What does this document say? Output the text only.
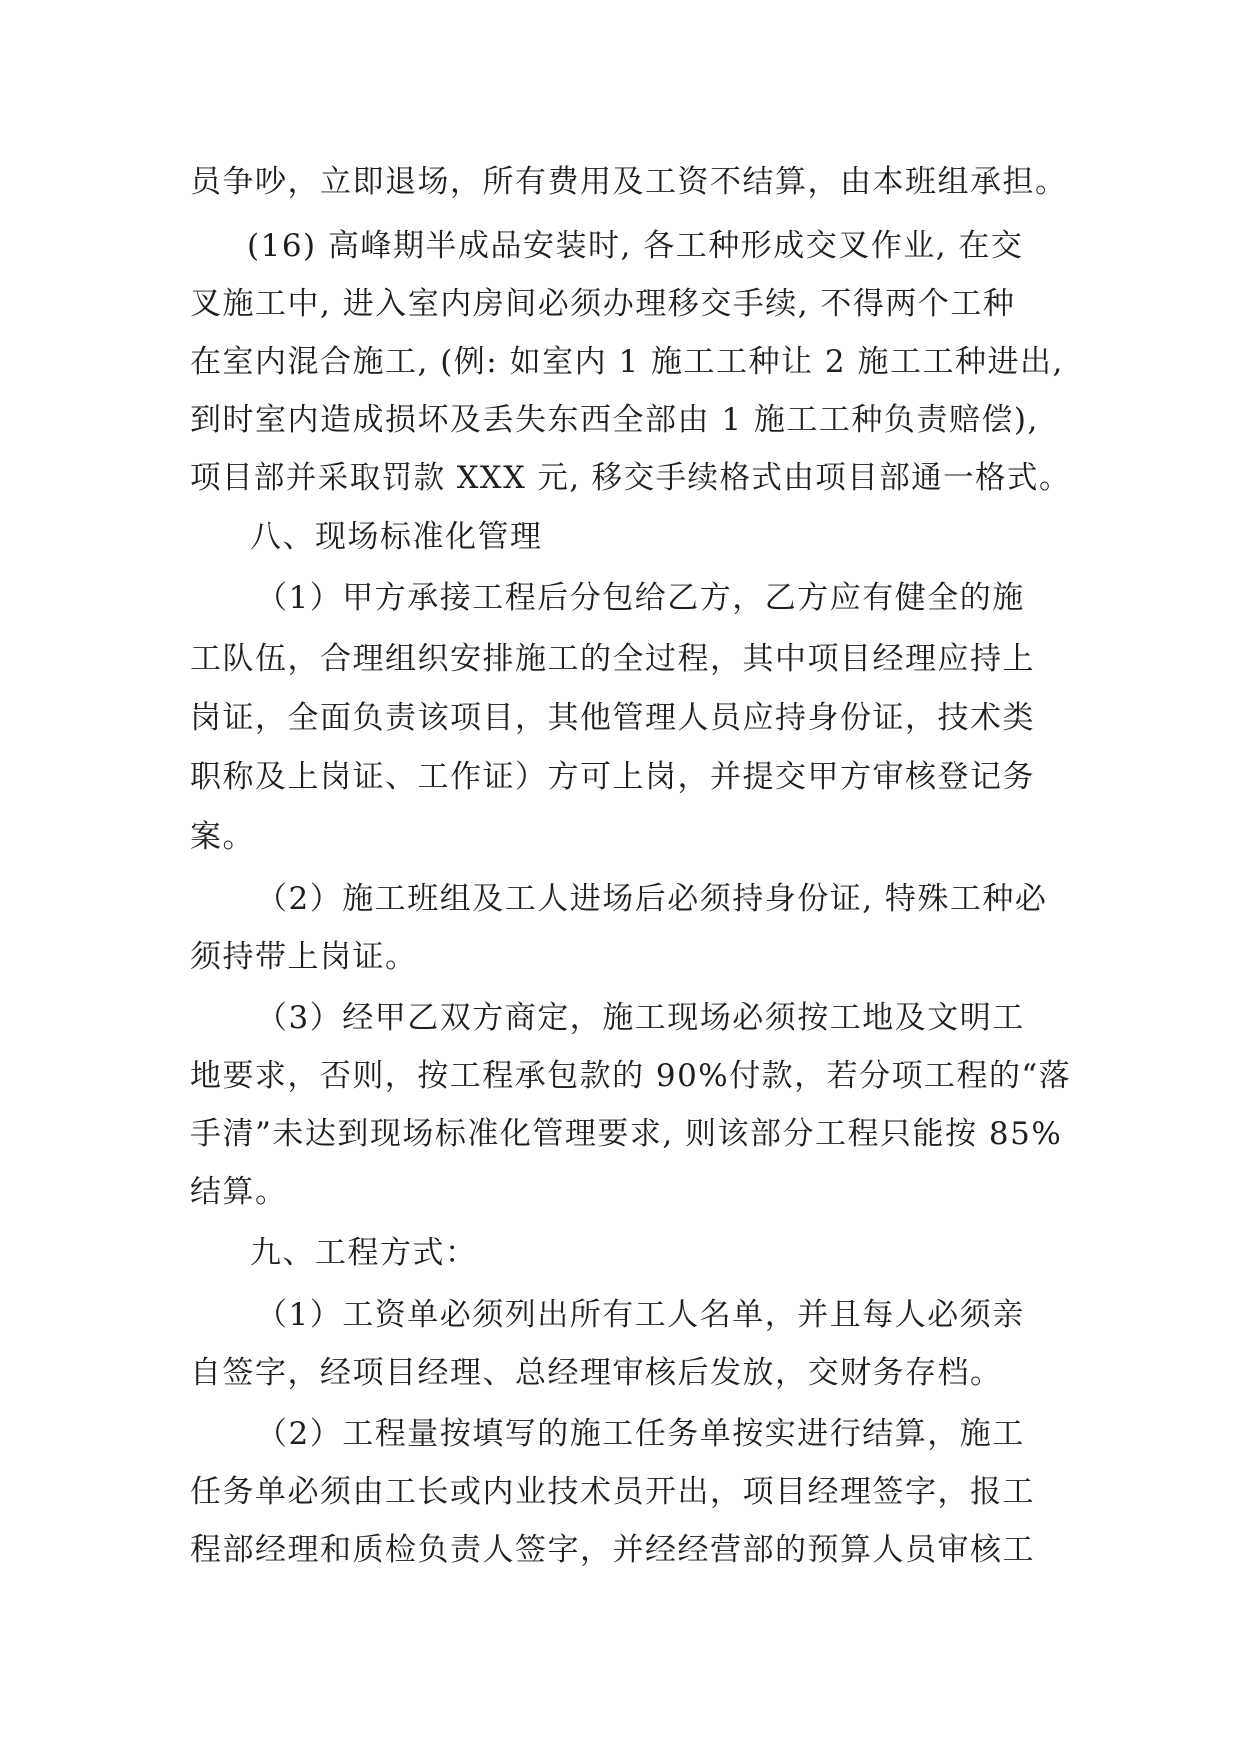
员争吵，立即退场，所有费用及工资不结算，由本班组承担。
(16) 高峰期半成品安装时, 各工种形成交叉作业, 在交
叉施工中, 进入室内房间必须办理移交手续, 不得两个工种
在室内混合施工, (例: 如室内 1 施工工种让 2 施工工种进出,
到时室内造成损坏及丢失东西全部由 1 施工工种负责赔偿),
项目部并采取罚款 XXX 元, 移交手续格式由项目部通一格式。
八、现场标准化管理
（1）甲方承接工程后分包给乙方，乙方应有健全的施
工队伍，合理组织安排施工的全过程，其中项目经理应持上
岗证，全面负责该项目，其他管理人员应持身份证，技术类
职称及上岗证、工作证）方可上岗，并提交甲方审核登记务
案。
（2）施工班组及工人进场后必须持身份证, 特殊工种必
须持带上岗证。
（3）经甲乙双方商定，施工现场必须按工地及文明工
地要求，否则，按工程承包款的 90%付款，若分项工程的“落
手清”未达到现场标准化管理要求, 则该部分工程只能按 85%
结算。
九、工程方式：
（1）工资单必须列出所有工人名单，并且每人必须亲
自签字，经项目经理、总经理审核后发放，交财务存档。
（2）工程量按填写的施工任务单按实进行结算，施工
任务单必须由工长或内业技术员开出，项目经理签字，报工
程部经理和质检负责人签字，并经经营部的预算人员审核工
